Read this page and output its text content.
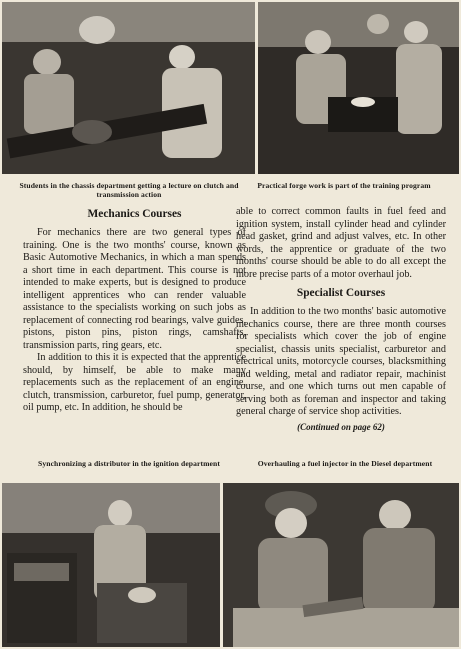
Students in the chassis department getting a lecture on clutch and transmission action
Practical forge work is part of the training program
Mechanics Courses

For mechanics there are two general types of training. One is the two months' course, known as Basic Automotive Mechanics, in which a man spends a short time in each department. This course is not intended to make experts, but is designed to produce intelligent apprentices who can render valuable assistance to the specialists working on such jobs as replacement of connecting rod bearings, valve guides, pistons, piston pins, piston rings, camshafts, transmission parts, ring gears, etc.

In addition to this it is expected that the apprentice should, by himself, be able to make many replacements such as the replacement of an engine, clutch, transmission, carburetor, fuel pump, generator, oil pump, etc. In addition, he should be

able to correct common faults in fuel feed and ignition system, install cylinder head and cylinder head gasket, grind and adjust valves, etc. In other words, the apprentice or graduate of the two months' course should be able to do all except the more precise parts of a motor overhaul job.

Specialist Courses

In addition to the two months' basic automotive mechanics course, there are three month courses for specialists which cover the job of engine specialist, chassis units specialist, carburetor and electrical units, motorcycle courses, blacksmithing and welding, metal and radiator repair, machinist course, and one which turns out men capable of serving both as foreman and inspector and taking general charge of service shop activities.

(Continued on page 62)
Synchronizing a distributor in the ignition department	Overhauling a fuel injector in the Diesel department
